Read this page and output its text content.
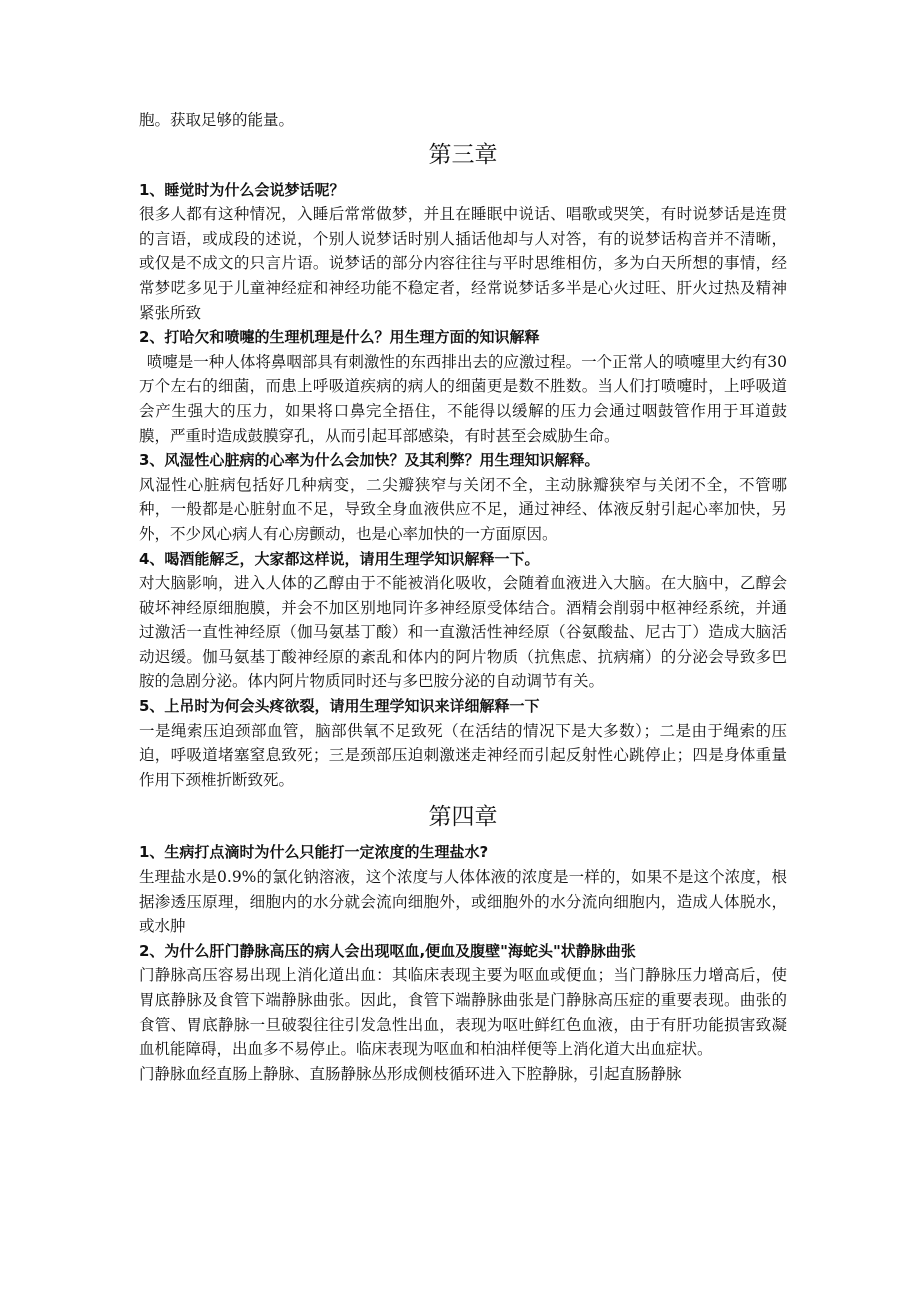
胞。获取足够的能量。

第三章

1、睡觉时为什么会说梦话呢？

很多人都有这种情况，入睡后常常做梦，并且在睡眠中说话、唱歌或哭笑，有时说梦话是连贯的言语，或成段的述说，个别人说梦话时别人插话他却与人对答，有的说梦话构音并不清晰，或仅是不成文的只言片语。说梦话的部分内容往往与平时思维相仿，多为白天所想的事情，经常梦呓多见于儿童神经症和神经功能不稳定者，经常说梦话多半是心火过旺、肝火过热及精神紧张所致

2、打哈欠和喷嚏的生理机理是什么？用生理方面的知识解释

喷嚏是一种人体将鼻咽部具有刺激性的东西排出去的应激过程。一个正常人的喷嚏里大约有30万个左右的细菌，而患上呼吸道疾病的病人的细菌更是数不胜数。当人们打喷嚏时，上呼吸道会产生强大的压力，如果将口鼻完全捂住，不能得以缓解的压力会通过咽鼓管作用于耳道鼓膜，严重时造成鼓膜穿孔，从而引起耳部感染，有时甚至会威胁生命。

3、风湿性心脏病的心率为什么会加快？及其利弊？用生理知识解释。

风湿性心脏病包括好几种病变，二尖瓣狭窄与关闭不全，主动脉瓣狭窄与关闭不全，不管哪种，一般都是心脏射血不足，导致全身血液供应不足，通过神经、体液反射引起心率加快，另外，不少风心病人有心房颤动，也是心率加快的一方面原因。

4、喝酒能解乏，大家都这样说，请用生理学知识解释一下。

对大脑影响，进入人体的乙醇由于不能被消化吸收，会随着血液进入大脑。在大脑中，乙醇会破坏神经原细胞膜，并会不加区别地同许多神经原受体结合。酒精会削弱中枢神经系统，并通过激活一直性神经原（伽马氨基丁酸）和一直激活性神经原（谷氨酸盐、尼古丁）造成大脑活动迟缓。伽马氨基丁酸神经原的紊乱和体内的阿片物质（抗焦虑、抗病痛）的分泌会导致多巴胺的急剧分泌。体内阿片物质同时还与多巴胺分泌的自动调节有关。

5、上吊时为何会头疼欲裂，请用生理学知识来详细解释一下

一是绳索压迫颈部血管，脑部供氧不足致死（在活结的情况下是大多数）；二是由于绳索的压迫，呼吸道堵塞窒息致死；三是颈部压迫刺激迷走神经而引起反射性心跳停止；四是身体重量作用下颈椎折断致死。

第四章

1、生病打点滴时为什么只能打一定浓度的生理盐水?

生理盐水是0.9%的氯化钠溶液，这个浓度与人体体液的浓度是一样的，如果不是这个浓度，根据渗透压原理，细胞内的水分就会流向细胞外，或细胞外的水分流向细胞内，造成人体脱水，或水肿

2、为什么肝门静脉高压的病人会出现呕血,便血及腹壁"海蛇头"状静脉曲张

门静脉高压容易出现上消化道出血：其临床表现主要为呕血或便血；当门静脉压力增高后，使胃底静脉及食管下端静脉曲张。因此，食管下端静脉曲张是门静脉高压症的重要表现。曲张的食管、胃底静脉一旦破裂往往引发急性出血，表现为呕吐鲜红色血液，由于有肝功能损害致凝血机能障碍，出血多不易停止。临床表现为呕血和柏油样便等上消化道大出血症状。

门静脉血经直肠上静脉、直肠静脉丛形成侧枝循环进入下腔静脉，引起直肠静脉
